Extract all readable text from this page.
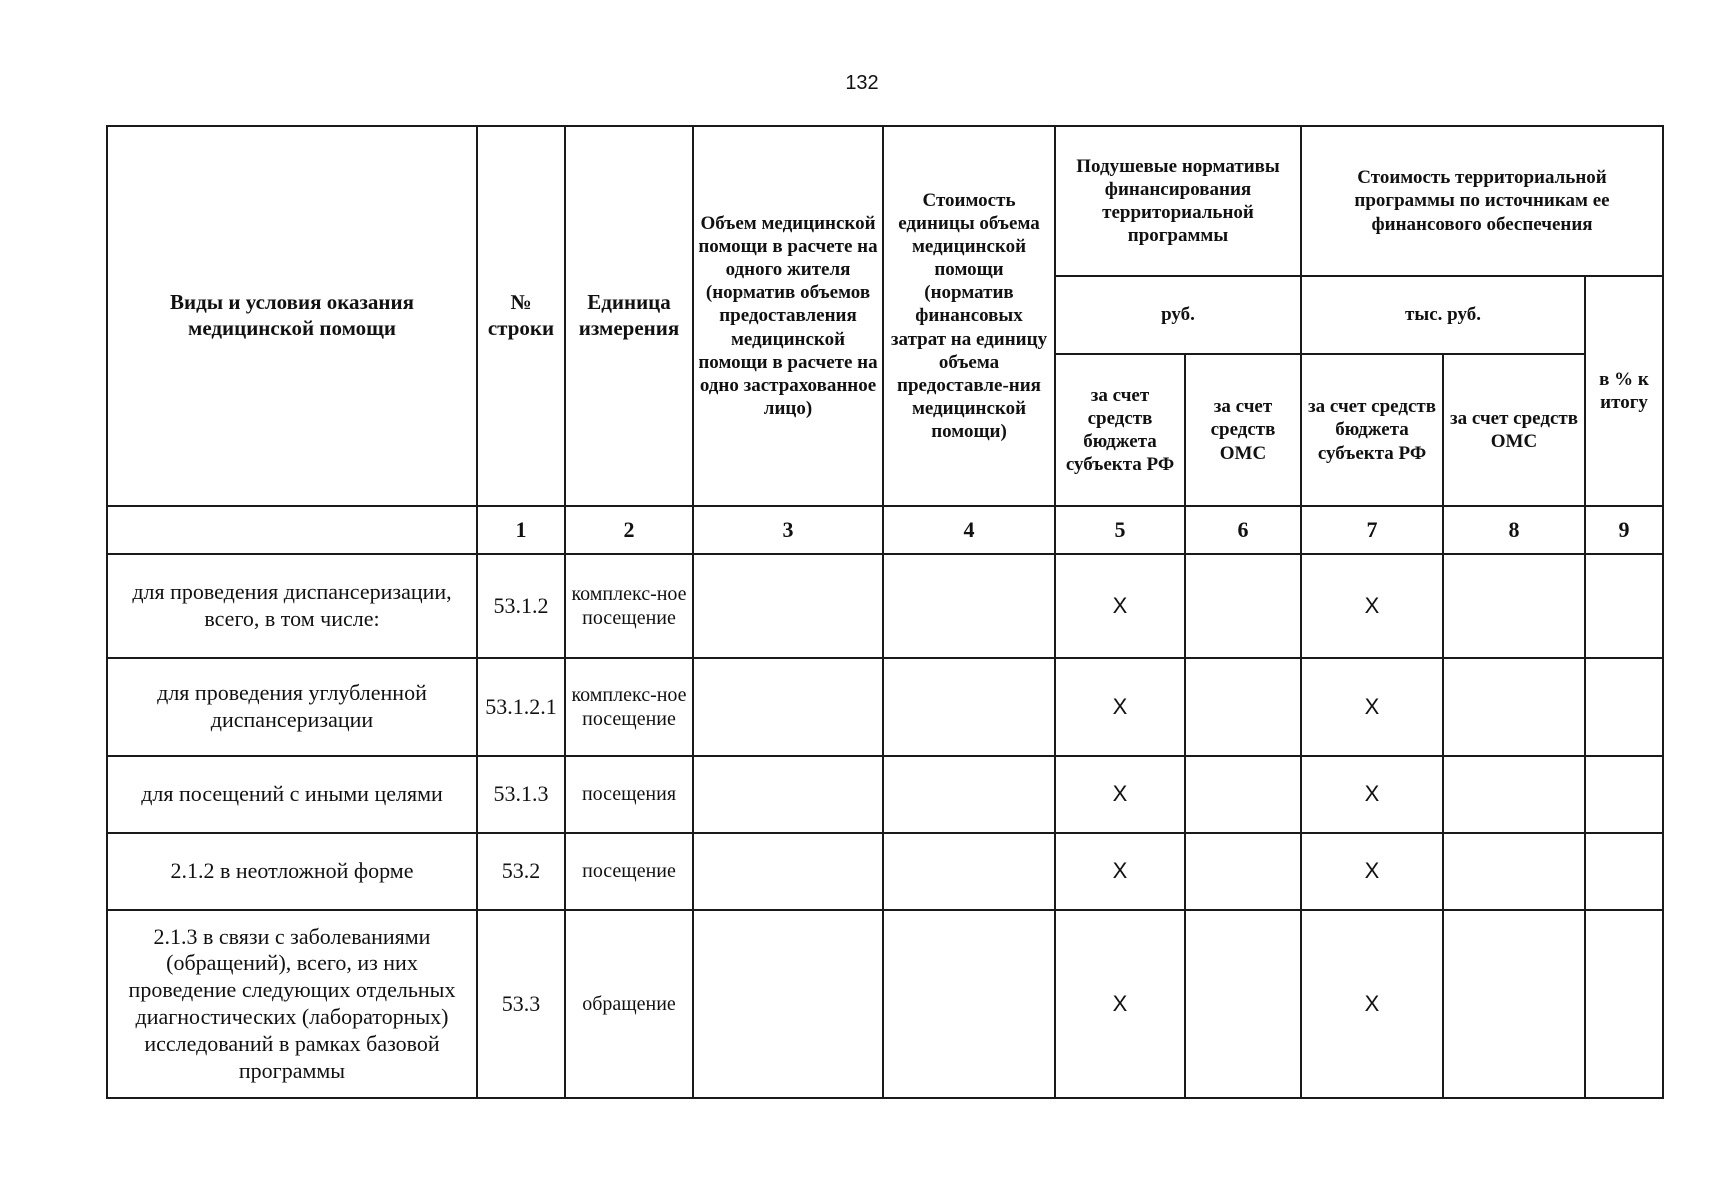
132
Виды и условия оказания медицинской помощи	№ строки	Единица измерения	Объем медицинской помощи в расчете на одного жителя (норматив объемов предоставления медицинской помощи в расчете на одно застрахованное лицо)	Стоимость единицы объема медицинской помощи (норматив финансовых затрат на единицу объема предоставле-ния медицинской помощи)	Подушевые нормативы финансирования территориальной программы		Стоимость территориальной программы по источникам ее финансового обеспечения		
					руб.		тыс. руб.		в % к итогу
					за счет средств бюджета субъекта РФ	за счет средств ОМС	за счет средств бюджета субъекта РФ	за счет средств ОМС	
	1	2	3	4	5	6	7	8	9
для проведения диспансеризации, всего, в том числе:	53.1.2	комплекс-ное посещение			X		X		
для проведения углубленной диспансеризации	53.1.2.1	комплекс-ное посещение			X		X		
для посещений с иными целями	53.1.3	посещения			X		X		
2.1.2 в неотложной форме	53.2	посещение			X		X		
2.1.3 в связи с заболеваниями (обращений), всего, из них проведение следующих отдельных диагностических (лабораторных) исследований в рамках базовой программы	53.3	обращение			X		X		
